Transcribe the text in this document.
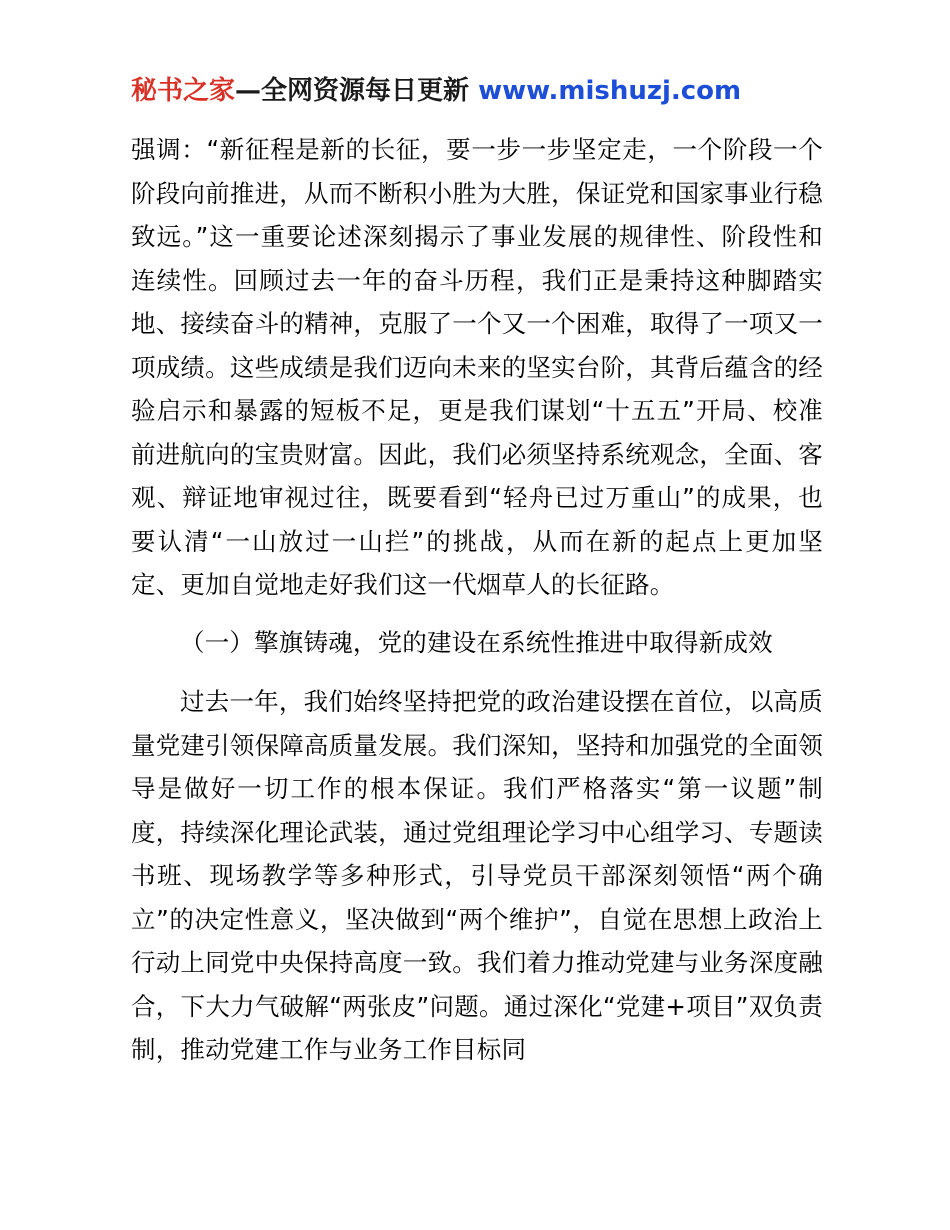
秘书之家—全网资源每日更新 www.mishuzj.com

强调：“新征程是新的长征，要一步一步坚定走，一个阶段一个阶段向前推进，从而不断积小胜为大胜，保证党和国家事业行稳致远。”这一重要论述深刻揭示了事业发展的规律性、阶段性和连续性。回顾过去一年的奋斗历程，我们正是秉持这种脚踏实地、接续奋斗的精神，克服了一个又一个困难，取得了一项又一项成绩。这些成绩是我们迈向未来的坚实台阶，其背后蕴含的经验启示和暴露的短板不足，更是我们谋划“十五五”开局、校准前进航向的宝贵财富。因此，我们必须坚持系统观念，全面、客观、辩证地审视过往，既要看到“轻舟已过万重山”的成果，也要认清“一山放过一山拦”的挑战，从而在新的起点上更加坚定、更加自觉地走好我们这一代烟草人的长征路。

（一）擎旗铸魂，党的建设在系统性推进中取得新成效

过去一年，我们始终坚持把党的政治建设摆在首位，以高质量党建引领保障高质量发展。我们深知，坚持和加强党的全面领导是做好一切工作的根本保证。我们严格落实“第一议题”制度，持续深化理论武装，通过党组理论学习中心组学习、专题读书班、现场教学等多种形式，引导党员干部深刻领悟“两个确立”的决定性意义，坚决做到“两个维护”，自觉在思想上政治上行动上同党中央保持高度一致。我们着力推动党建与业务深度融合，下大力气破解“两张皮”问题。通过深化“党建+项目”双负责制，推动党建工作与业务工作目标同
